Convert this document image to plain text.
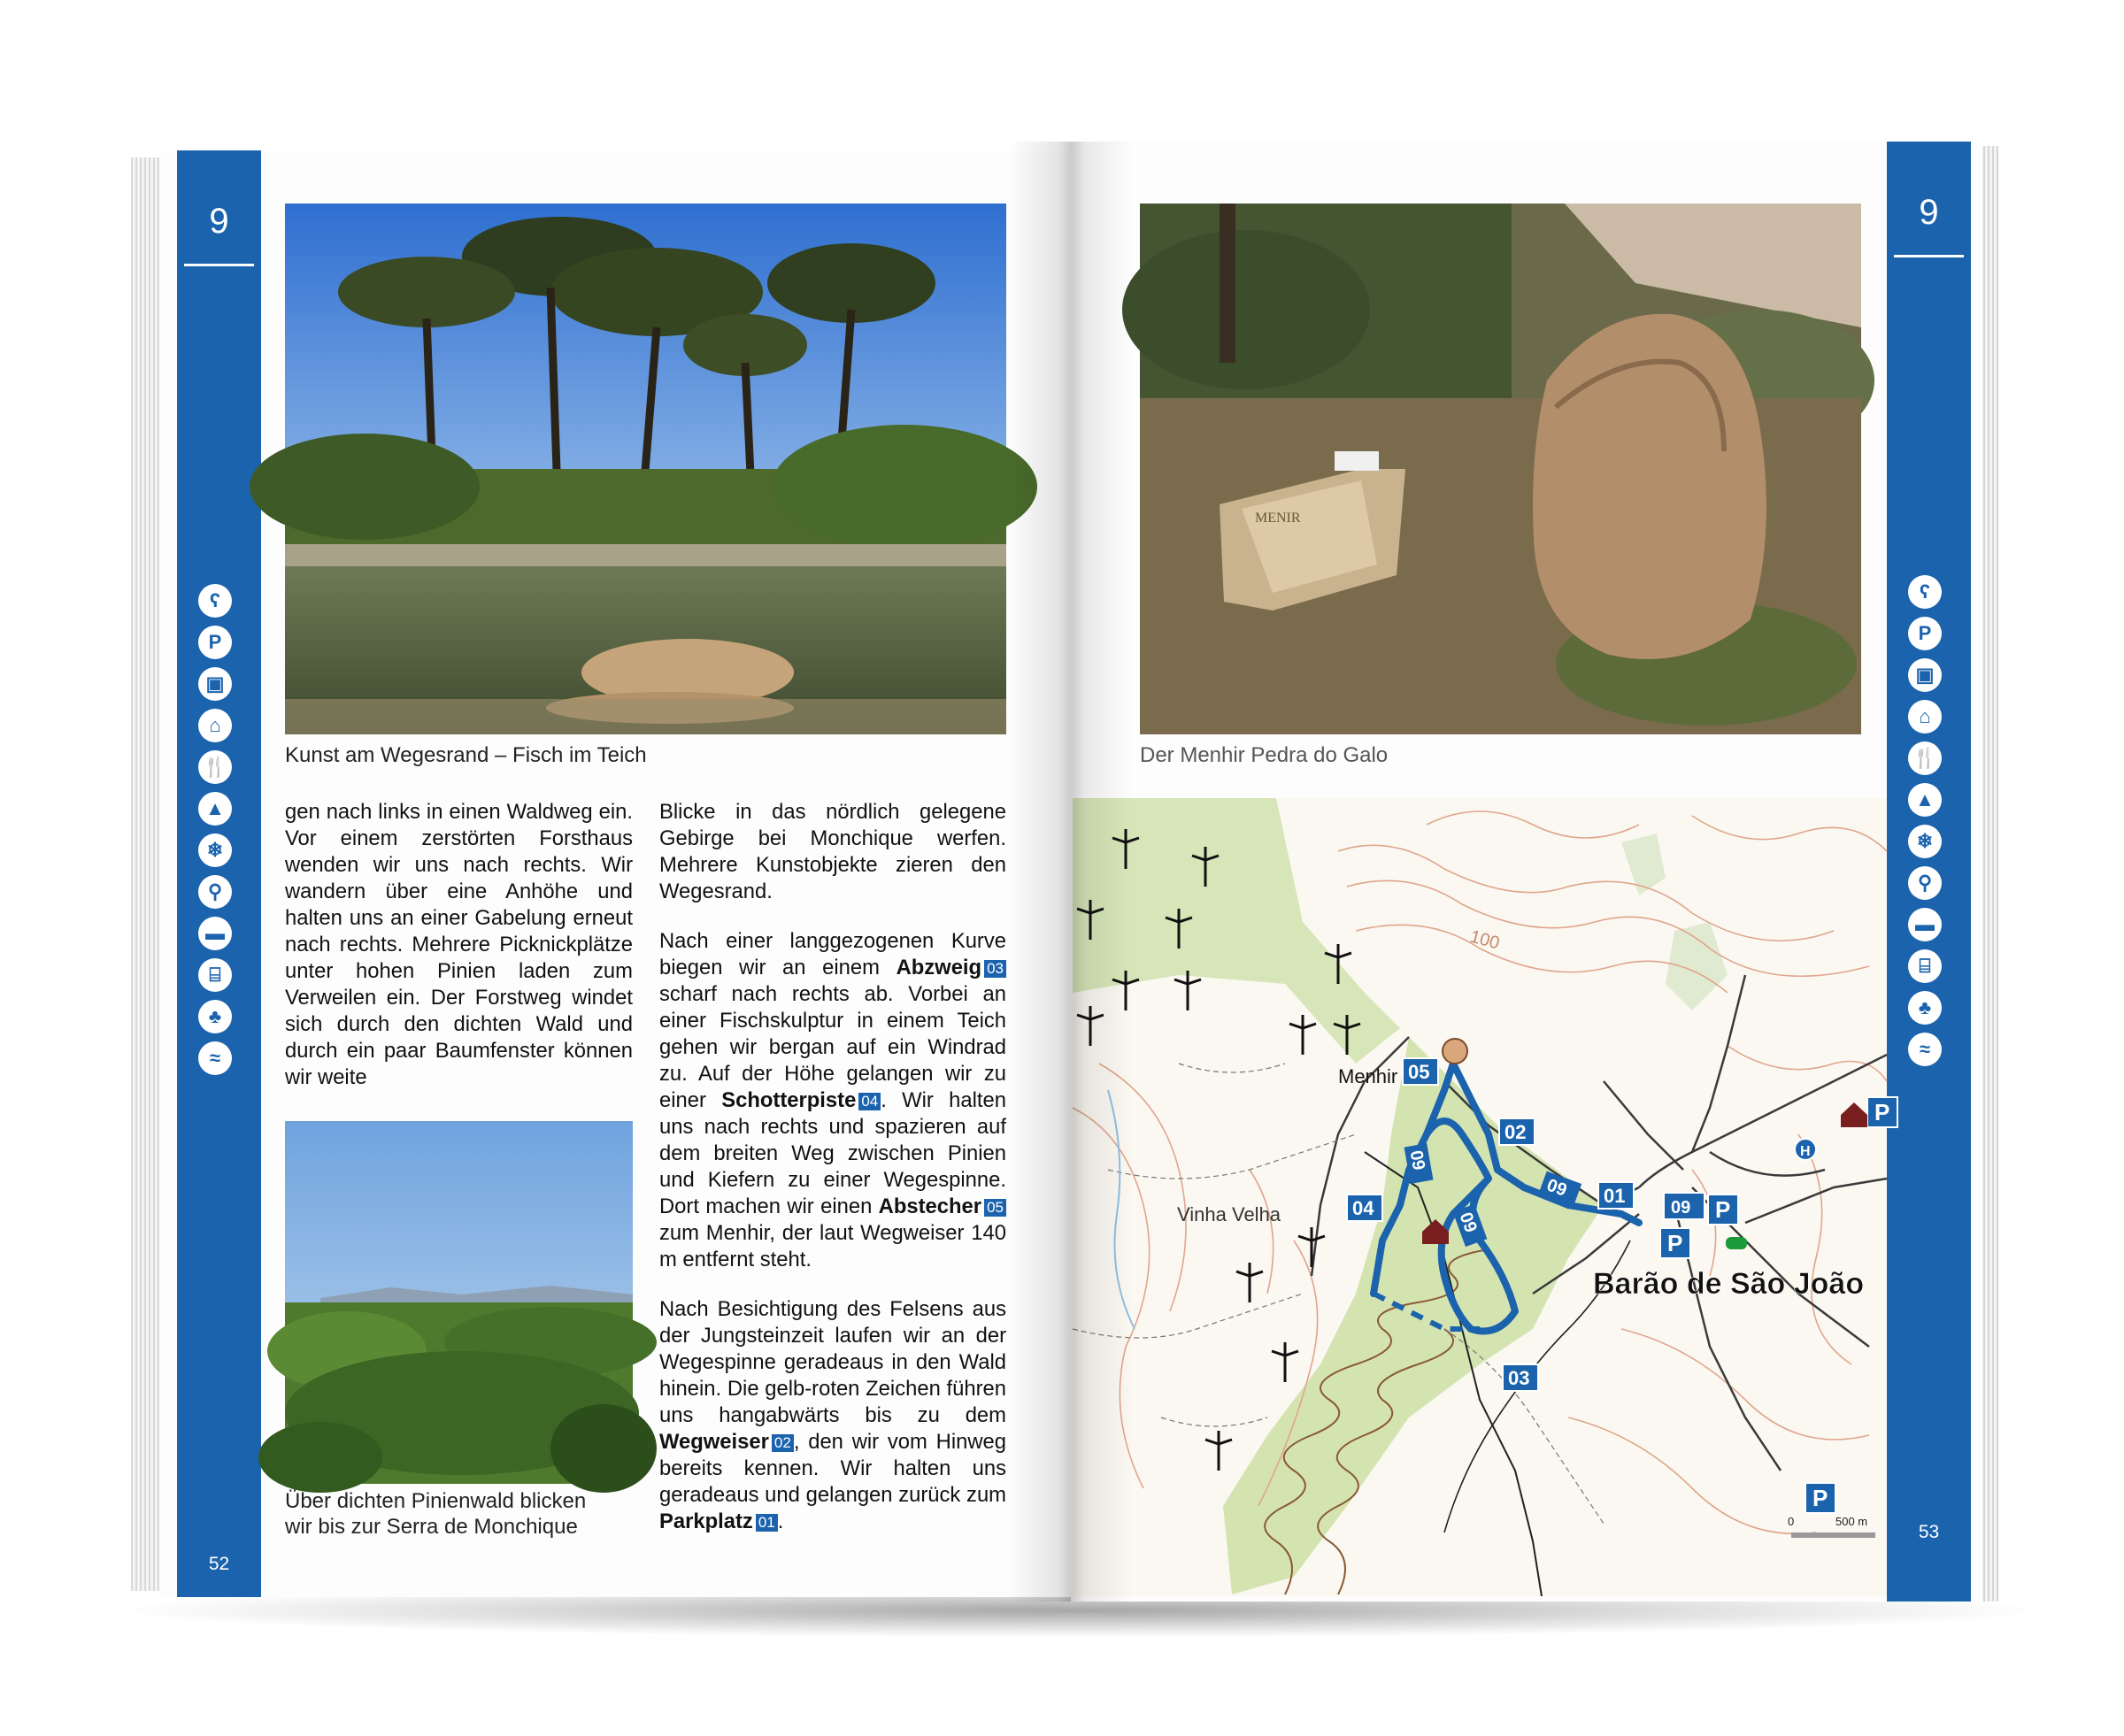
9
52
ʕ
P
▣
⌂
🍴
▲
❄
⚲
▬
⌸
♣
≈
Kunst am Wegesrand – Fisch im Teich
gen nach links in einen Waldweg ein. Vor einem zerstörten Forsthaus wenden wir uns nach rechts. Wir wandern über eine Anhöhe und halten uns an einer Gabelung erneut nach rechts. Mehrere Picknickplätze unter hohen Pinien laden zum Verweilen ein. Der Forstweg windet sich durch den dichten Wald und durch ein paar Baumfenster können wir weite
Über dichten Pinienwald blicken
wir bis zur Serra de Monchique

Blicke in das nördlich gelegene Gebirge bei Monchique werfen. Mehrere Kunstobjekte zieren den Wegesrand.

Nach einer langgezogenen Kurve biegen wir an einem Abzweig 03 scharf nach rechts ab. Vorbei an einer Fischskulptur in einem Teich gehen wir bergan auf ein Windrad zu. Auf der Höhe gelangen wir zu einer Schotterpiste 04 . Wir halten uns nach rechts und spazieren auf dem breiten Weg zwischen Pinien und Kiefern zu einer Wegespinne. Dort machen wir einen Abstecher 05 zum Menhir, der laut Wegweiser 140 m entfernt steht.

Nach Besichtigung des Felsens aus der Jungsteinzeit laufen wir an der Wegespinne geradeaus in den Wald hinein. Die gelb-roten Zeichen führen uns hangabwärts bis zu dem Wegweiser 02 , den wir vom Hinweg bereits kennen. Wir halten uns geradeaus und gelangen zurück zum Parkplatz 01 .

9
53
ʕ
P
▣
⌂
🍴
▲
❄
⚲
▬
⌸
♣
≈
MENIR
Der Menhir Pedra do Galo
100
Menhir
Vinha Velha
Barão de São João
05
02
04
03
01
09
09
09
09	P
P
P
P
H
0	500 m
